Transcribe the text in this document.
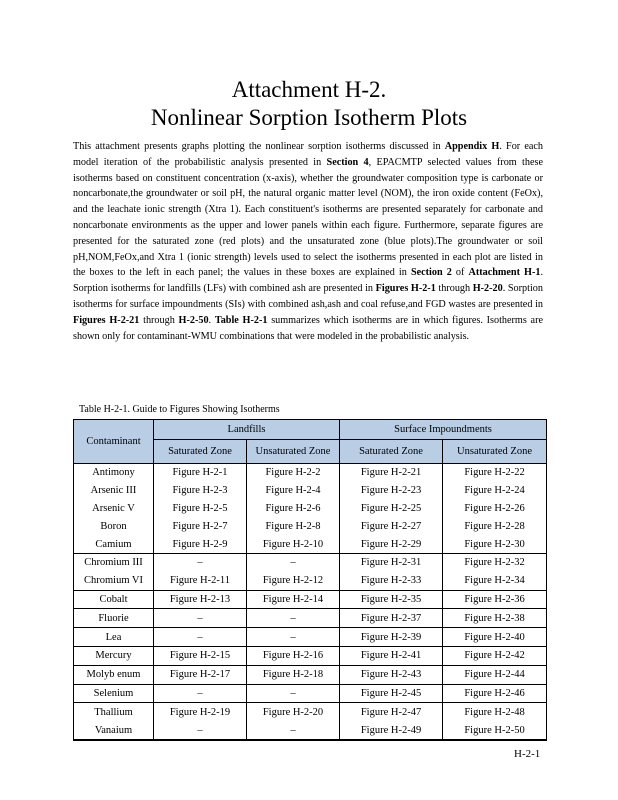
Attachment H-2.
Nonlinear Sorption Isotherm Plots
This attachment presents graphs plotting the nonlinear sorption isotherms discussed in Appendix H. For each model iteration of the probabilistic analysis presented in Section 4, EPACMTP selected values from these isotherms based on constituent concentration (x-axis), whether the groundwater composition type is carbonate or noncarbonate,the groundwater or soil pH, the natural organic matter level (NOM), the iron oxide content (FeOx), and the leachate ionic strength (Xtra 1). Each constituent's isotherms are presented separately for carbonate and noncarbonate environments as the upper and lower panels within each figure. Furthermore, separate figures are presented for the saturated zone (red plots) and the unsaturated zone (blue plots).The groundwater or soil pH,NOM,FeOx,and Xtra 1 (ionic strength) levels used to select the isotherms presented in each plot are listed in the boxes to the left in each panel; the values in these boxes are explained in Section 2 of Attachment H-1. Sorption isotherms for landfills (LFs) with combined ash are presented in Figures H-2-1 through H-2-20. Sorption isotherms for surface impoundments (SIs) with combined ash,ash and coal refuse,and FGD wastes are presented in Figures H-2-21 through H-2-50. Table H-2-1 summarizes which isotherms are in which figures. Isotherms are shown only for contaminant-WMU combinations that were modeled in the probabilistic analysis.
Table H-2-1. Guide to Figures Showing Isotherms
Contaminant	Landfills		Surface Impoundments	
	Saturated Zone	Unsaturated Zone	Saturated Zone	Unsaturated Zone
Antimony	Figure H-2-1	Figure H-2-2	Figure H-2-21	Figure H-2-22
Arsenic III	Figure H-2-3	Figure H-2-4	Figure H-2-23	Figure H-2-24
Arsenic V	Figure H-2-5	Figure H-2-6	Figure H-2-25	Figure H-2-26
Boron	Figure H-2-7	Figure H-2-8	Figure H-2-27	Figure H-2-28
Camium	Figure H-2-9	Figure H-2-10	Figure H-2-29	Figure H-2-30
Chromium III	–	–	Figure H-2-31	Figure H-2-32
Chromium VI	Figure H-2-11	Figure H-2-12	Figure H-2-33	Figure H-2-34
Cobalt	Figure H-2-13	Figure H-2-14	Figure H-2-35	Figure H-2-36
Fluorie	–	–	Figure H-2-37	Figure H-2-38
Lea	–	–	Figure H-2-39	Figure H-2-40
Mercury	Figure H-2-15	Figure H-2-16	Figure H-2-41	Figure H-2-42
Molyb enum	Figure H-2-17	Figure H-2-18	Figure H-2-43	Figure H-2-44
Selenium	–	–	Figure H-2-45	Figure H-2-46
Thallium	Figure H-2-19	Figure H-2-20	Figure H-2-47	Figure H-2-48
Vanaium	–	–	Figure H-2-49	Figure H-2-50
H-2-1
